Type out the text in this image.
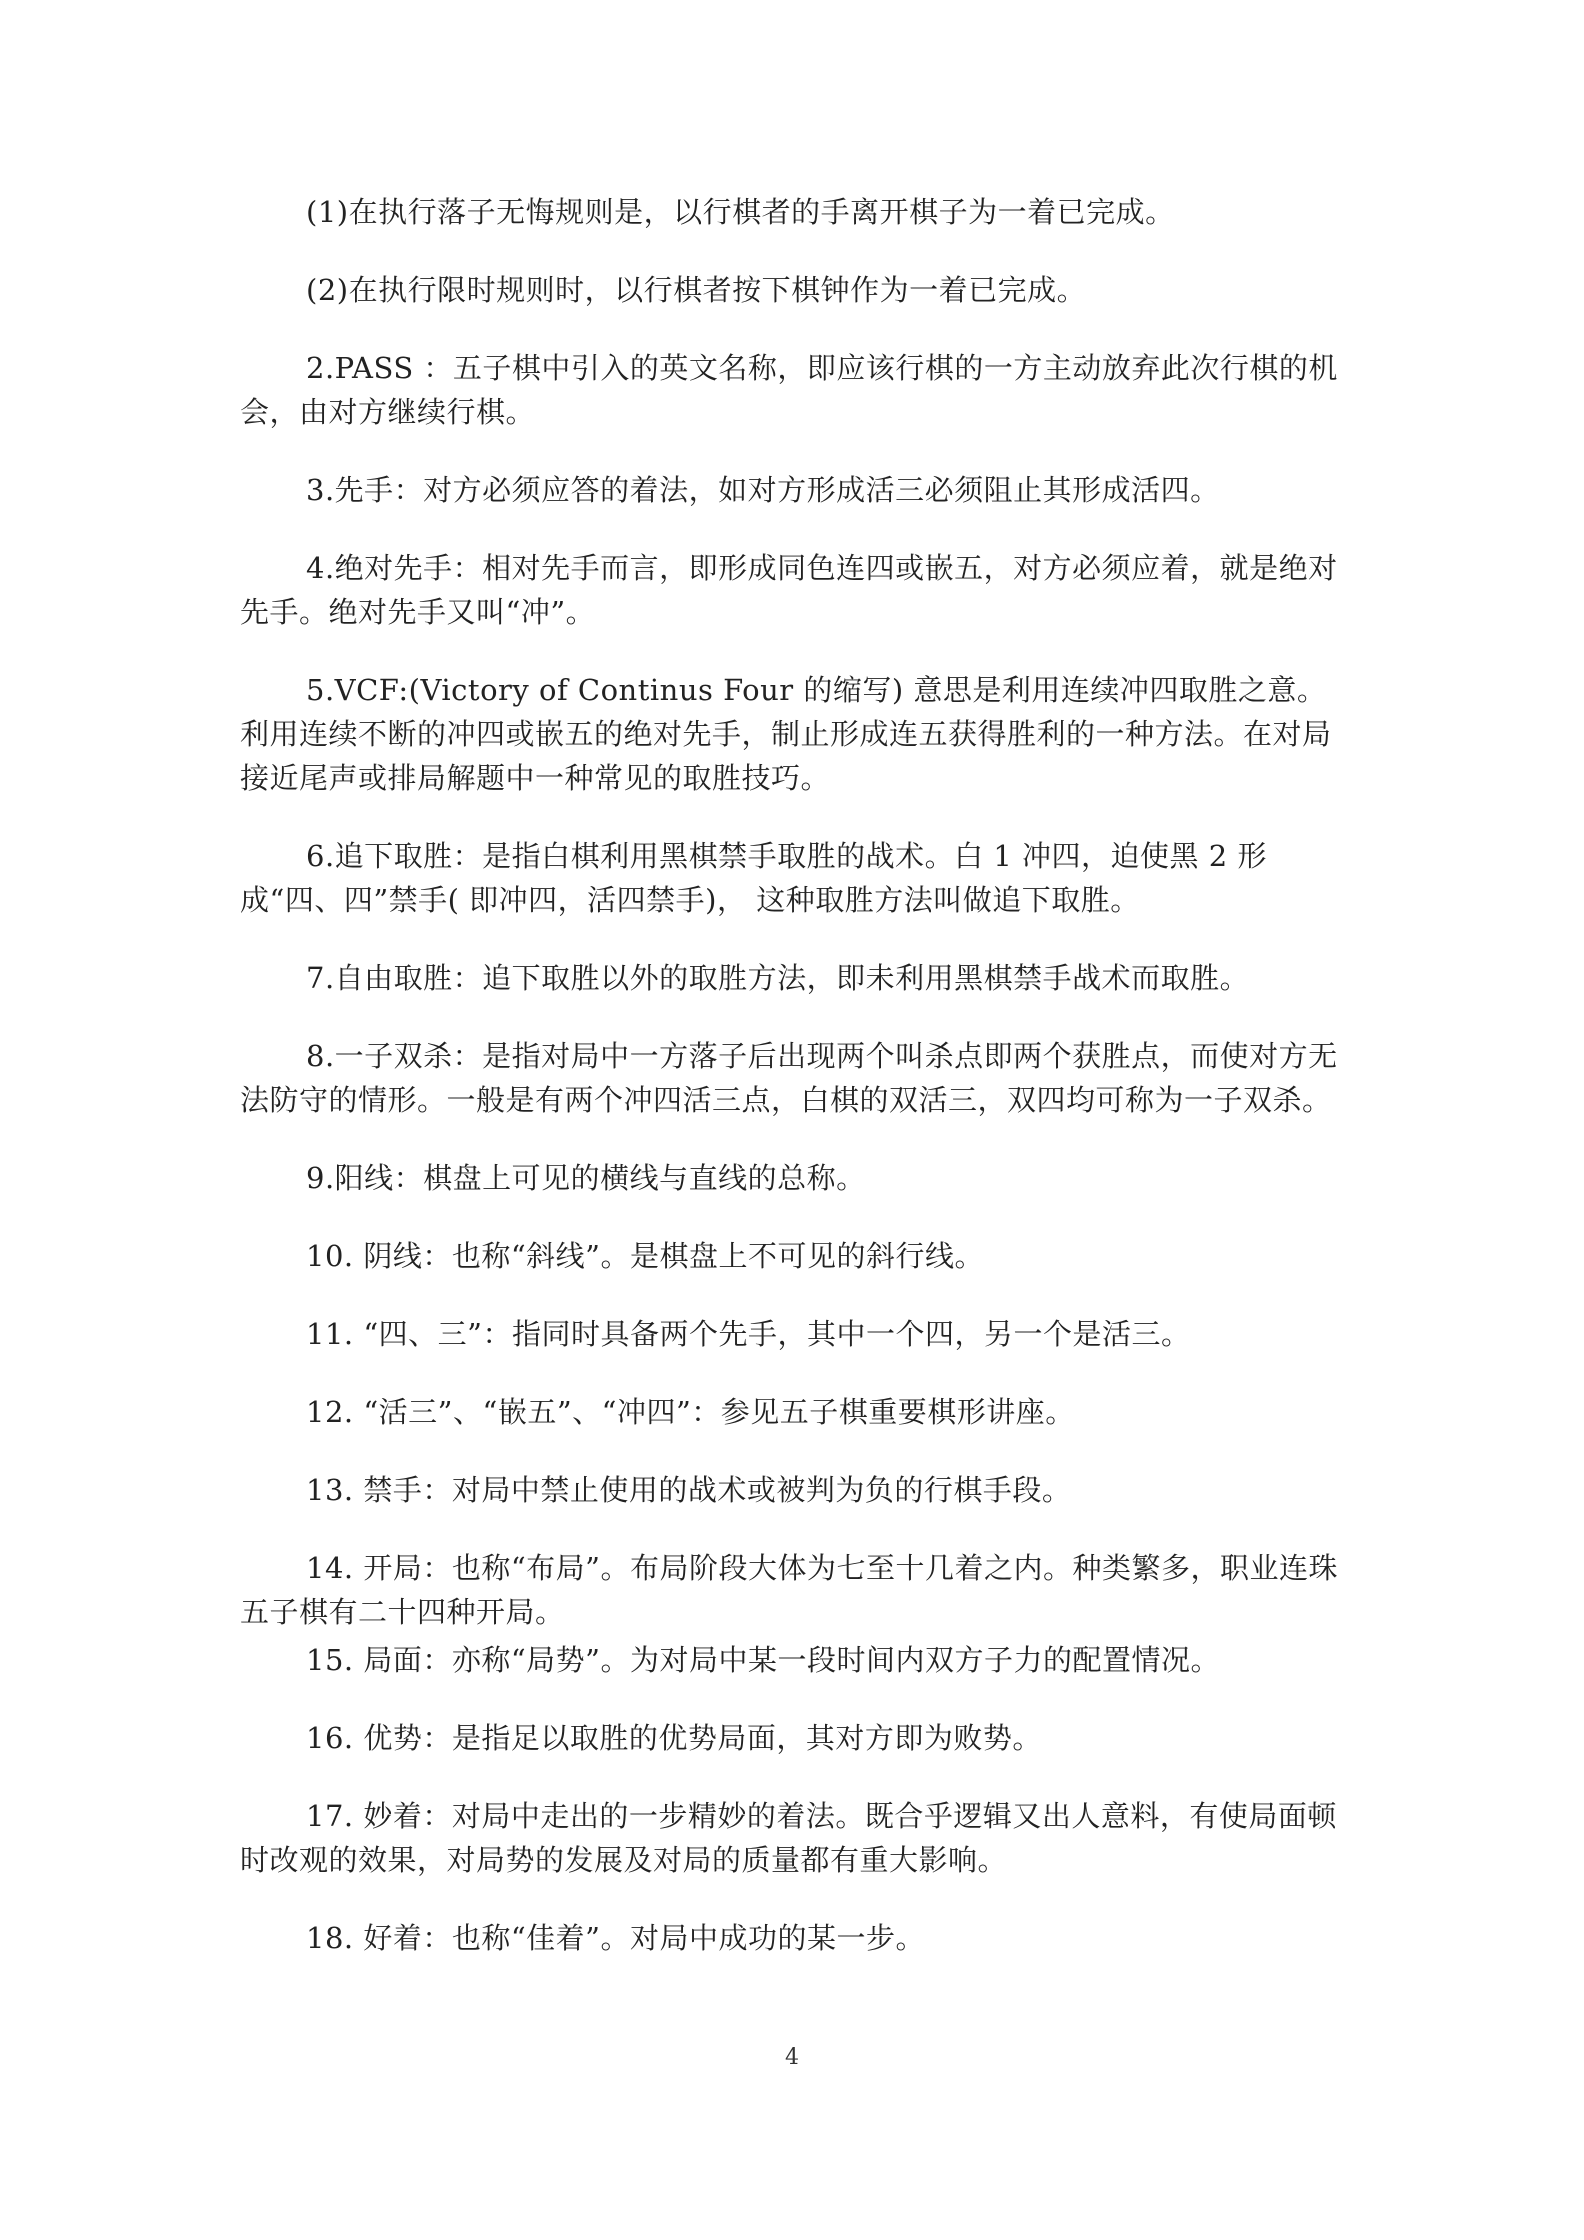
(1)在执行落子无悔规则是，以行棋者的手离开棋子为一着已完成。

(2)在执行限时规则时，以行棋者按下棋钟作为一着已完成。

2.PASS ：五子棋中引入的英文名称，即应该行棋的一方主动放弃此次行棋的机会，由对方继续行棋。

3.先手：对方必须应答的着法，如对方形成活三必须阻止其形成活四。

4.绝对先手：相对先手而言，即形成同色连四或嵌五，对方必须应着，就是绝对先手。绝对先手又叫“冲”。

5.VCF:(Victory of Continus Four 的缩写) 意思是利用连续冲四取胜之意。利用连续不断的冲四或嵌五的绝对先手，制止形成连五获得胜利的一种方法。在对局接近尾声或排局解题中一种常见的取胜技巧。

6.追下取胜：是指白棋利用黑棋禁手取胜的战术。白 1 冲四，迫使黑 2 形成“四、四”禁手( 即冲四，活四禁手)， 这种取胜方法叫做追下取胜。

7.自由取胜：追下取胜以外的取胜方法，即未利用黑棋禁手战术而取胜。

8.一子双杀：是指对局中一方落子后出现两个叫杀点即两个获胜点，而使对方无法防守的情形。一般是有两个冲四活三点，白棋的双活三，双四均可称为一子双杀。

9.阳线：棋盘上可见的横线与直线的总称。

10. 阴线：也称“斜线”。是棋盘上不可见的斜行线。

11. “四、三”：指同时具备两个先手，其中一个四，另一个是活三。

12. “活三”、“嵌五”、“冲四”：参见五子棋重要棋形讲座。

13. 禁手：对局中禁止使用的战术或被判为负的行棋手段。

14. 开局：也称“布局”。布局阶段大体为七至十几着之内。种类繁多，职业连珠五子棋有二十四种开局。

15. 局面：亦称“局势”。为对局中某一段时间内双方子力的配置情况。

16. 优势：是指足以取胜的优势局面，其对方即为败势。

17. 妙着：对局中走出的一步精妙的着法。既合乎逻辑又出人意料，有使局面顿时改观的效果，对局势的发展及对局的质量都有重大影响。

18. 好着：也称“佳着”。对局中成功的某一步。

4
